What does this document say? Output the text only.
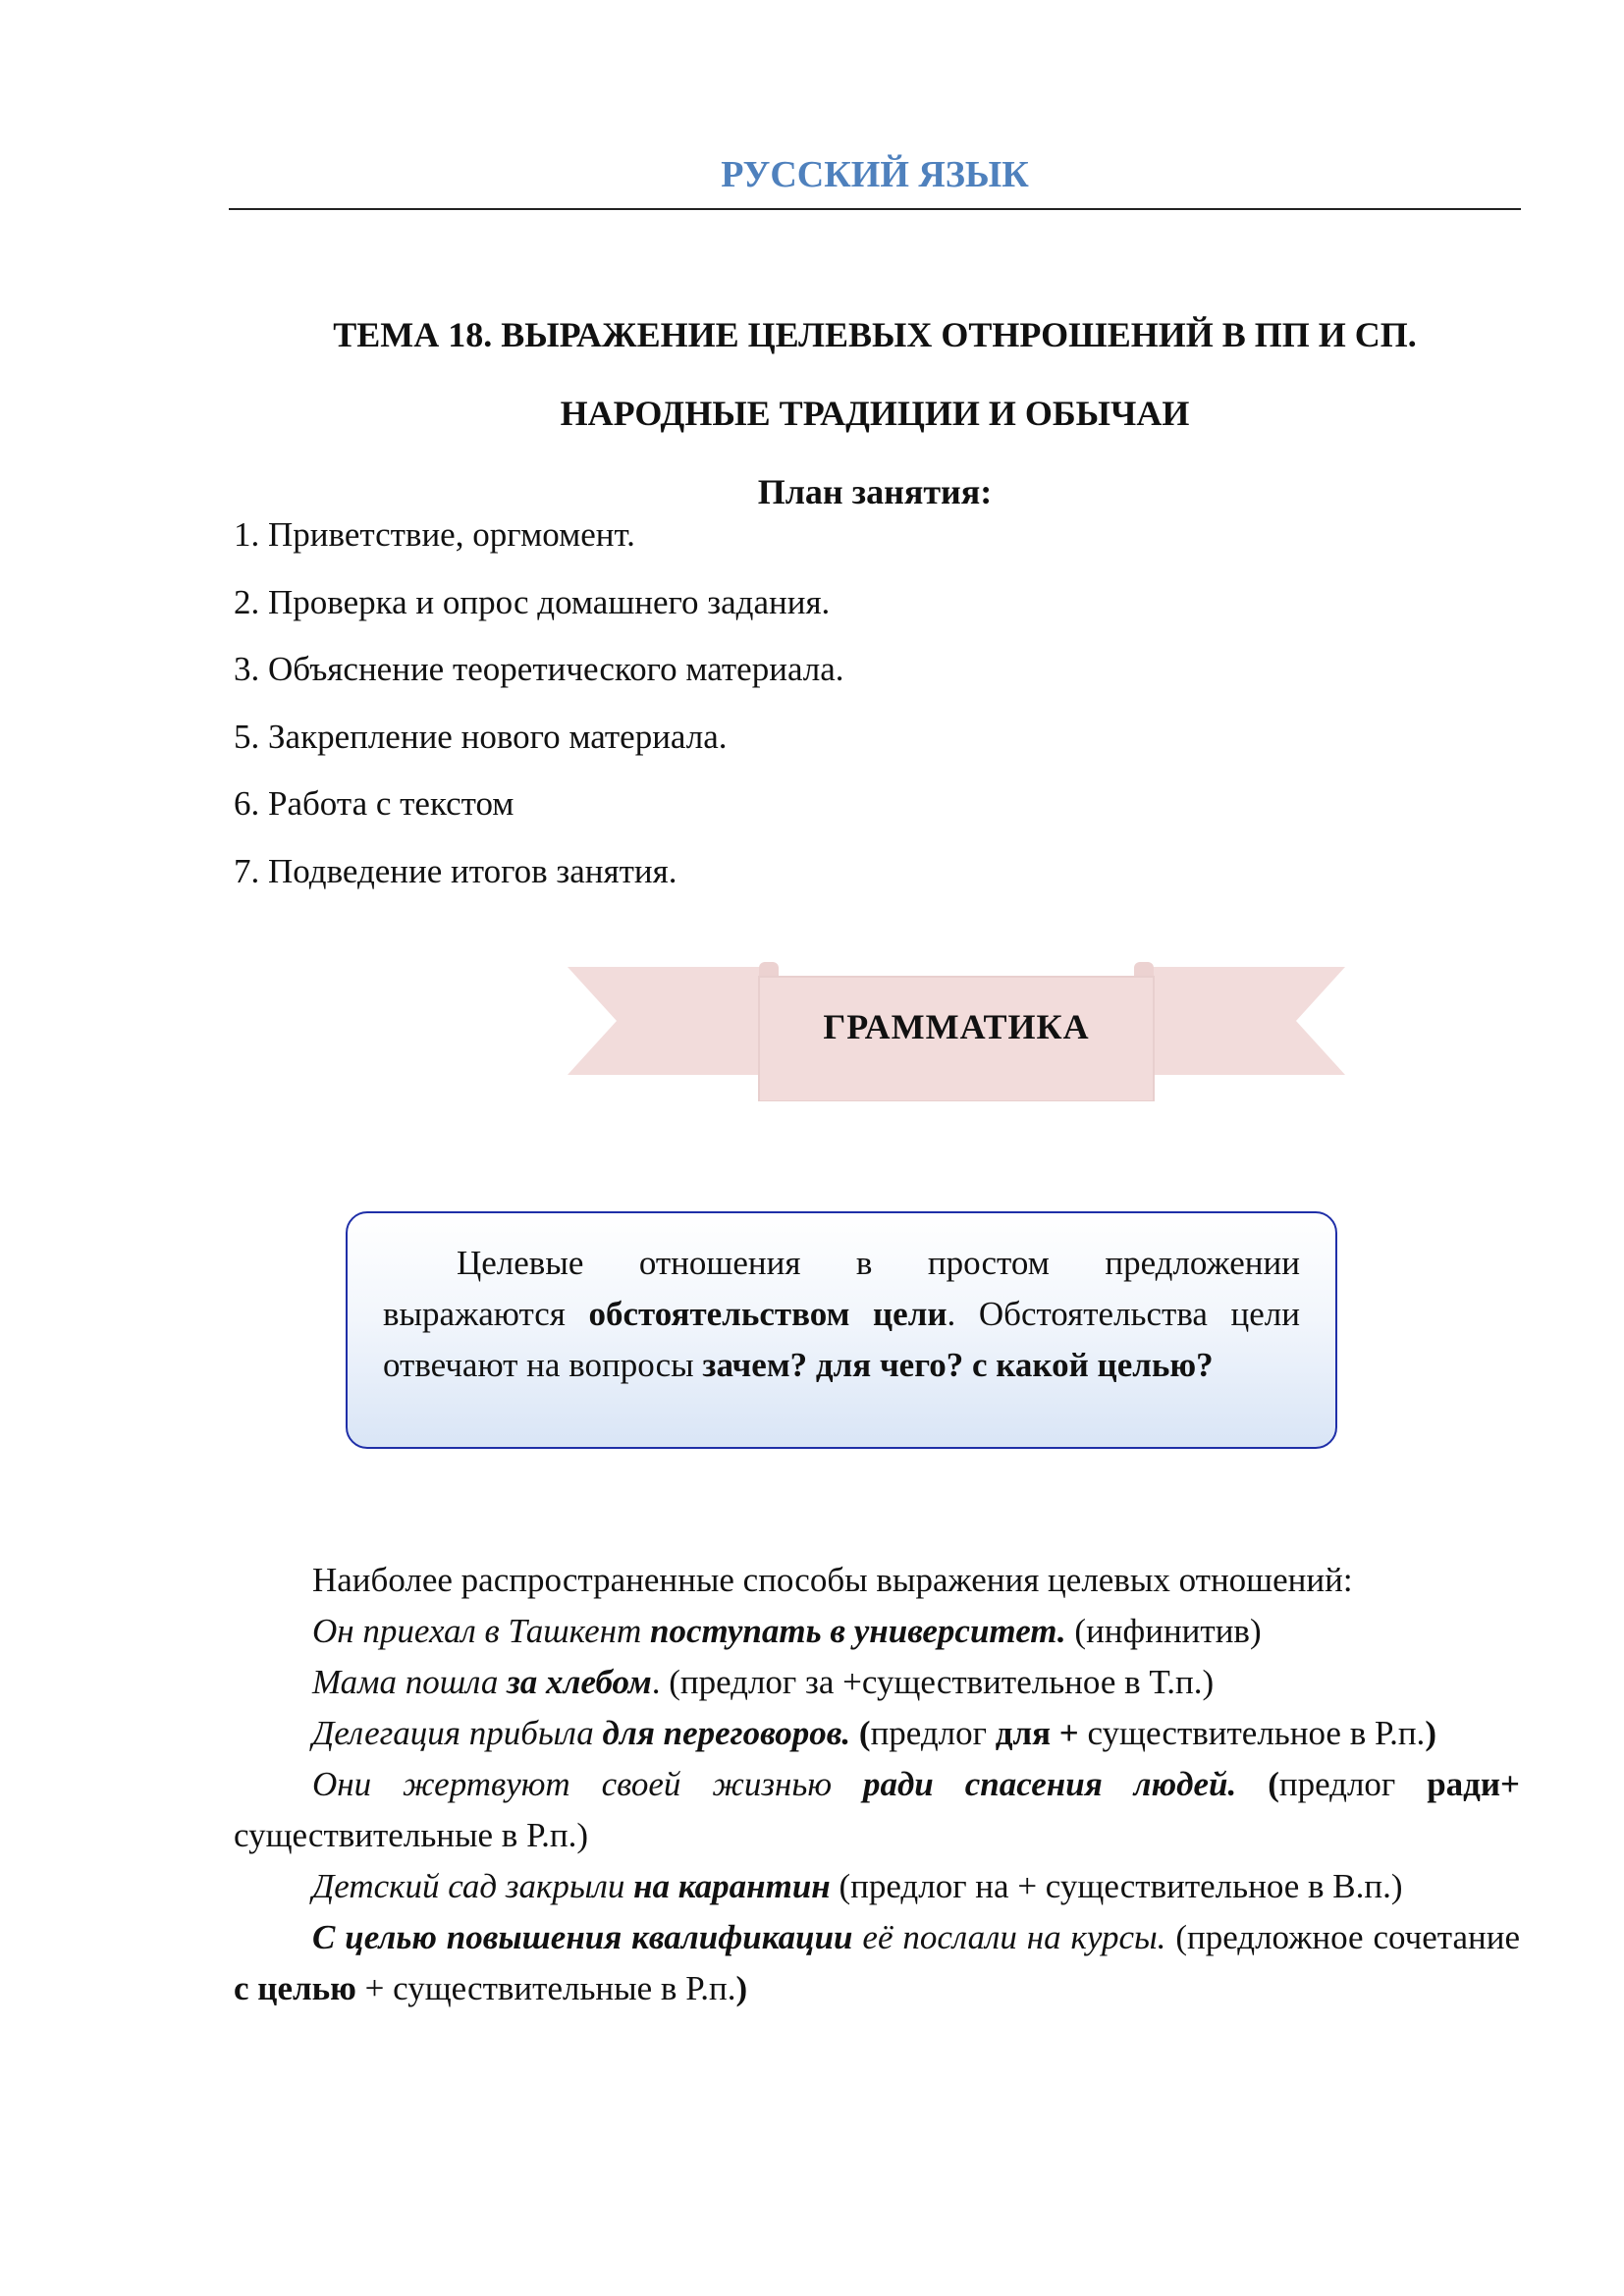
РУССКИЙ ЯЗЫК
ТЕМА 18. ВЫРАЖЕНИЕ ЦЕЛЕВЫХ ОТНРОШЕНИЙ В ПП И СП.
НАРОДНЫЕ ТРАДИЦИИ И ОБЫЧАИ
План занятия:
1. Приветствие, оргмомент.
2. Проверка и опрос домашнего задания.
3. Объяснение теоретического материала.
5. Закрепление нового материала.
6. Работа с текстом
7. Подведение итогов занятия.
ГРАММАТИКА

Целевые отношения в простом предложении выражаются обстоятельством цели. Обстоятельства цели отвечают на вопросы зачем? для чего? с какой целью?

Наиболее распространенные способы выражения целевых отношений:

Он приехал в Ташкент поступать в университет. (инфинитив)

Мама пошла за хлебом. (предлог за +существительное в Т.п.)

Делегация прибыла для переговоров. (предлог для + существительное в Р.п.)

Они жертвуют своей жизнью ради спасения людей. (предлог ради+ существительные в Р.п.)

Детский сад закрыли на карантин (предлог на + существительное в В.п.)

С целью повышения квалификации её послали на курсы. (предложное сочетание с целью + существительные в Р.п.)
